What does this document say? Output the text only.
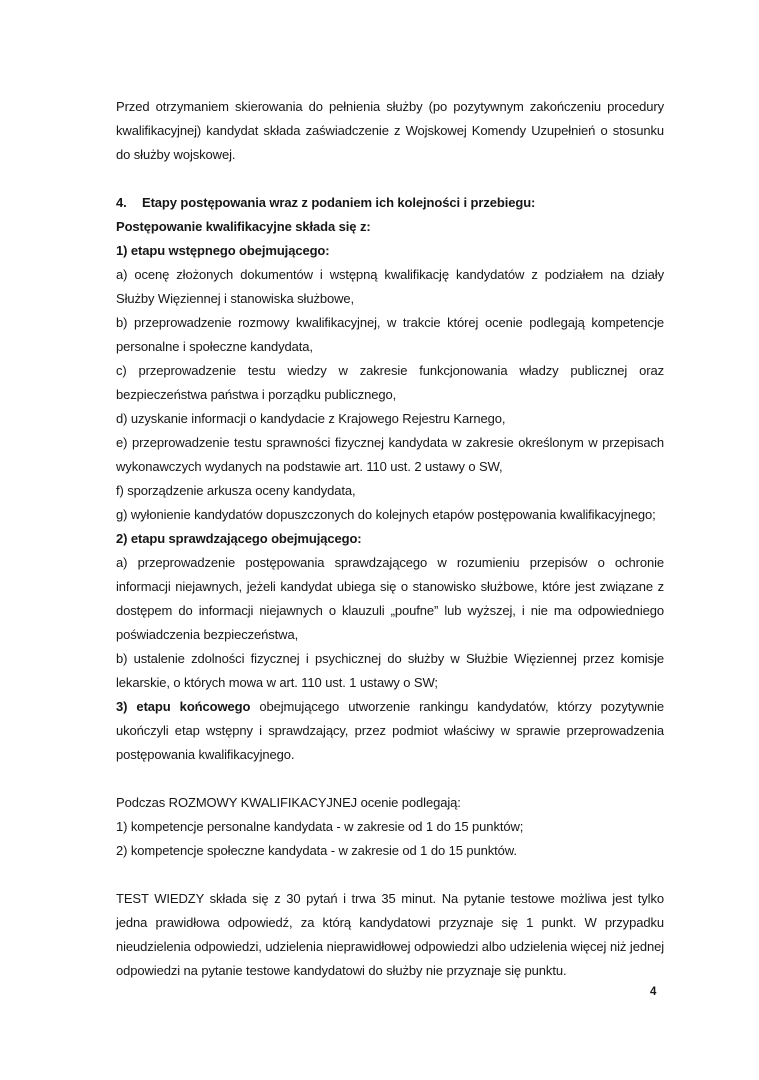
Przed otrzymaniem skierowania do pełnienia służby (po pozytywnym zakończeniu procedury kwalifikacyjnej) kandydat składa zaświadczenie z Wojskowej Komendy Uzupełnień o stosunku do służby wojskowej.

4. Etapy postępowania wraz z podaniem ich kolejności i przebiegu:

Postępowanie kwalifikacyjne składa się z:

1) etapu wstępnego obejmującego:

a) ocenę złożonych dokumentów i wstępną kwalifikację kandydatów z podziałem na działy Służby Więziennej i stanowiska służbowe,

b) przeprowadzenie rozmowy kwalifikacyjnej, w trakcie której ocenie podlegają kompetencje personalne i społeczne kandydata,

c) przeprowadzenie testu wiedzy w zakresie funkcjonowania władzy publicznej oraz bezpieczeństwa państwa i porządku publicznego,

d) uzyskanie informacji o kandydacie z Krajowego Rejestru Karnego,

e) przeprowadzenie testu sprawności fizycznej kandydata w zakresie określonym w przepisach wykonawczych wydanych na podstawie art. 110 ust. 2 ustawy o SW,

f) sporządzenie arkusza oceny kandydata,

g) wyłonienie kandydatów dopuszczonych do kolejnych etapów postępowania kwalifikacyjnego;

2) etapu sprawdzającego obejmującego:

a) przeprowadzenie postępowania sprawdzającego w rozumieniu przepisów o ochronie informacji niejawnych, jeżeli kandydat ubiega się o stanowisko służbowe, które jest związane z dostępem do informacji niejawnych o klauzuli „poufne” lub wyższej, i nie ma odpowiedniego poświadczenia bezpieczeństwa,

b) ustalenie zdolności fizycznej i psychicznej do służby w Służbie Więziennej przez komisje lekarskie, o których mowa w art. 110 ust. 1 ustawy o SW;

3) etapu końcowego obejmującego utworzenie rankingu kandydatów, którzy pozytywnie ukończyli etap wstępny i sprawdzający, przez podmiot właściwy w sprawie przeprowadzenia postępowania kwalifikacyjnego.

Podczas ROZMOWY KWALIFIKACYJNEJ ocenie podlegają:

1) kompetencje personalne kandydata - w zakresie od 1 do 15 punktów;

2) kompetencje społeczne kandydata - w zakresie od 1 do 15 punktów.

TEST WIEDZY składa się z 30 pytań i trwa 35 minut. Na pytanie testowe możliwa jest tylko jedna prawidłowa odpowiedź, za którą kandydatowi przyznaje się 1 punkt. W przypadku nieudzielenia odpowiedzi, udzielenia nieprawidłowej odpowiedzi albo udzielenia więcej niż jednej odpowiedzi na pytanie testowe kandydatowi do służby nie przyznaje się punktu.

4
